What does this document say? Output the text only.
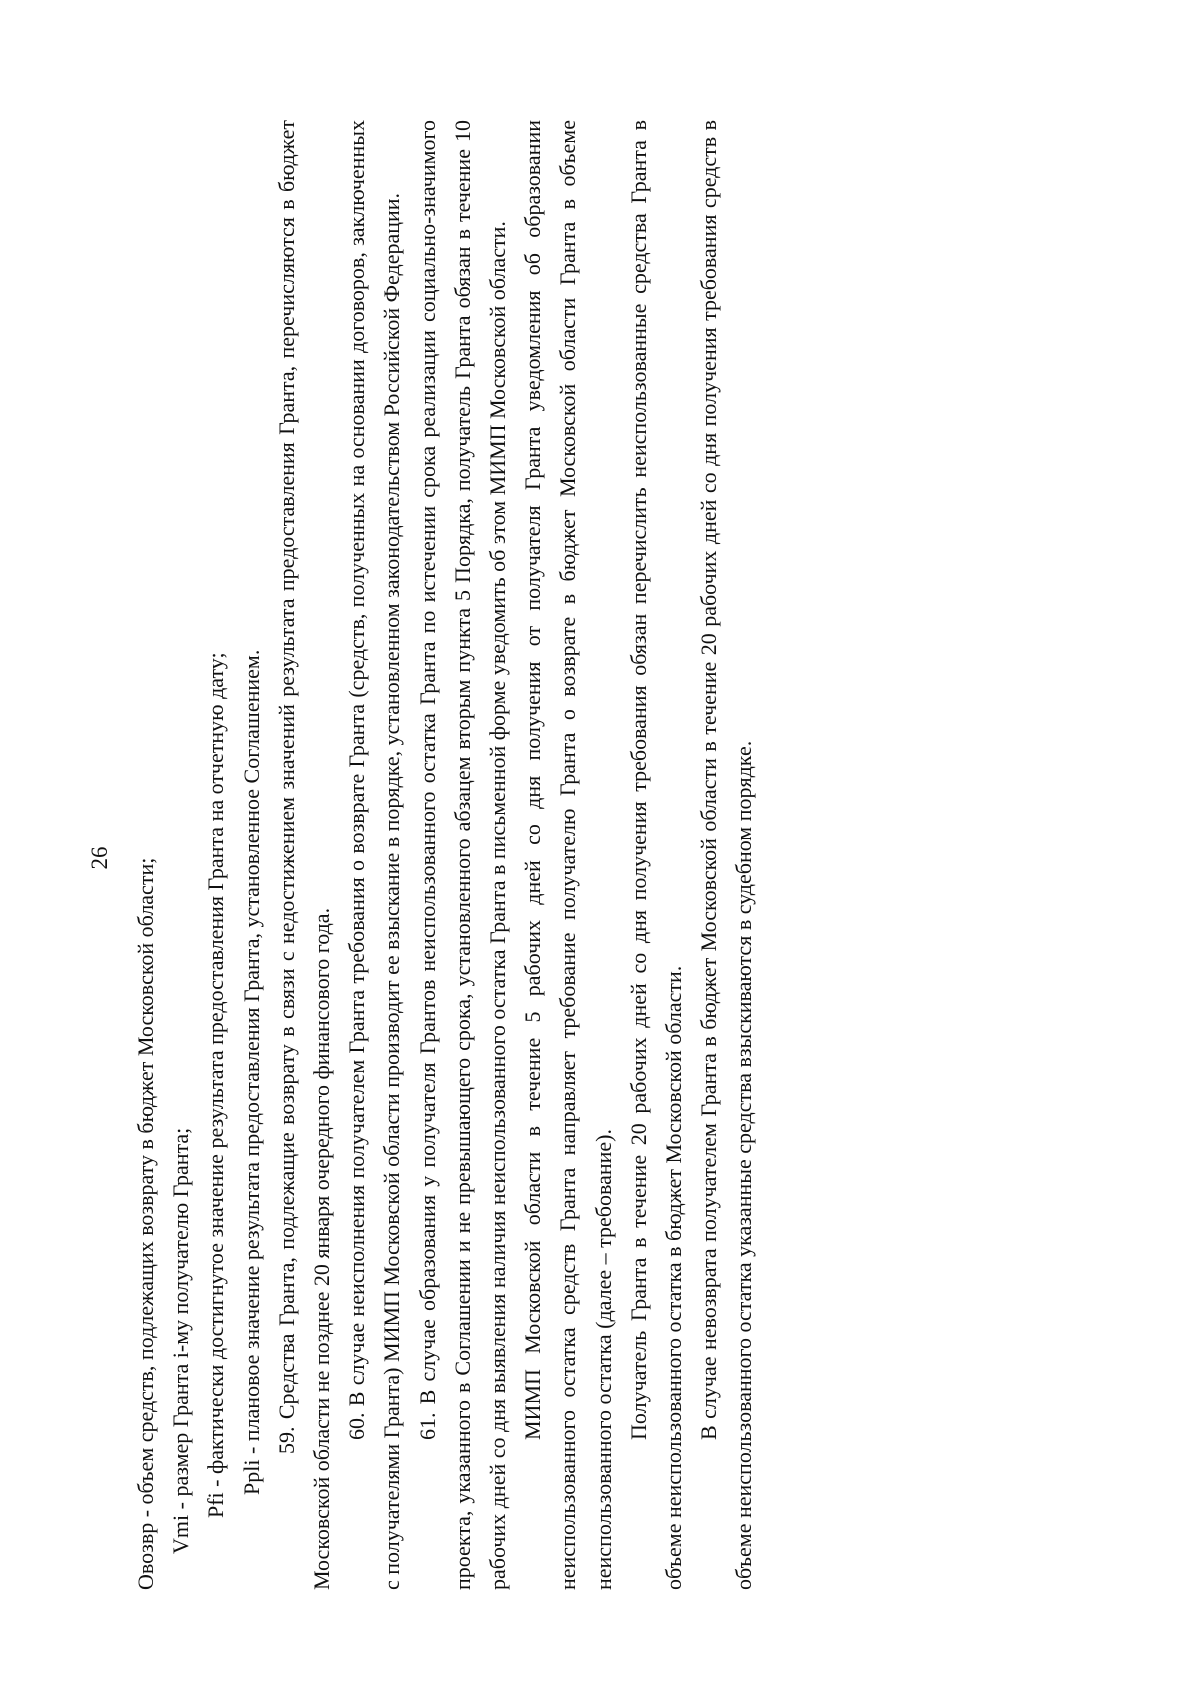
26 Овозвр - объем средств, подлежащих возврату в бюджет Московской области; Vmi - размер Гранта i-му получателю Гранта; Pfi - фактически достигнутое значение результата предоставления Гранта на отчетную дату; Ppli - плановое значение результата предоставления Гранта, установленное Соглашением. 59. Средства Гранта, подлежащие возврату в связи с недостижением значений результата предоставления Гранта, перечисляются в бюджет Московской области не позднее 20 января очередного финансового года. 60. В случае неисполнения получателем Гранта требования о возврате Гранта (средств, полученных на основании договоров, заключенных с получателями Гранта) МИМП Московской области производит ее взыскание в порядке, установленном законодательством Российской Федерации. 61. В случае образования у получателя Грантов неиспользованного остатка Гранта по истечении срока реализации социально-значимого проекта, указанного в Соглашении и не превышающего срока, установленного абзацем вторым пункта 5 Порядка, получатель Гранта обязан в течение 10 рабочих дней со дня выявления наличия неиспользованного остатка Гранта в письменной форме уведомить об этом МИМП Московской области. МИМП Московской области в течение 5 рабочих дней со дня получения от получателя Гранта уведомления об образовании неиспользованного остатка средств Гранта направляет требование получателю Гранта о возврате в бюджет Московской области Гранта в объеме неиспользованного остатка (далее – требование). Получатель Гранта в течение 20 рабочих дней со дня получения требования обязан перечислить неиспользованные средства Гранта в объеме неиспользованного остатка в бюджет Московской области. В случае невозврата получателем Гранта в бюджет Московской области в течение 20 рабочих дней со дня получения требования средств в объеме неиспользованного остатка указанные средства взыскиваются в судебном порядке.
